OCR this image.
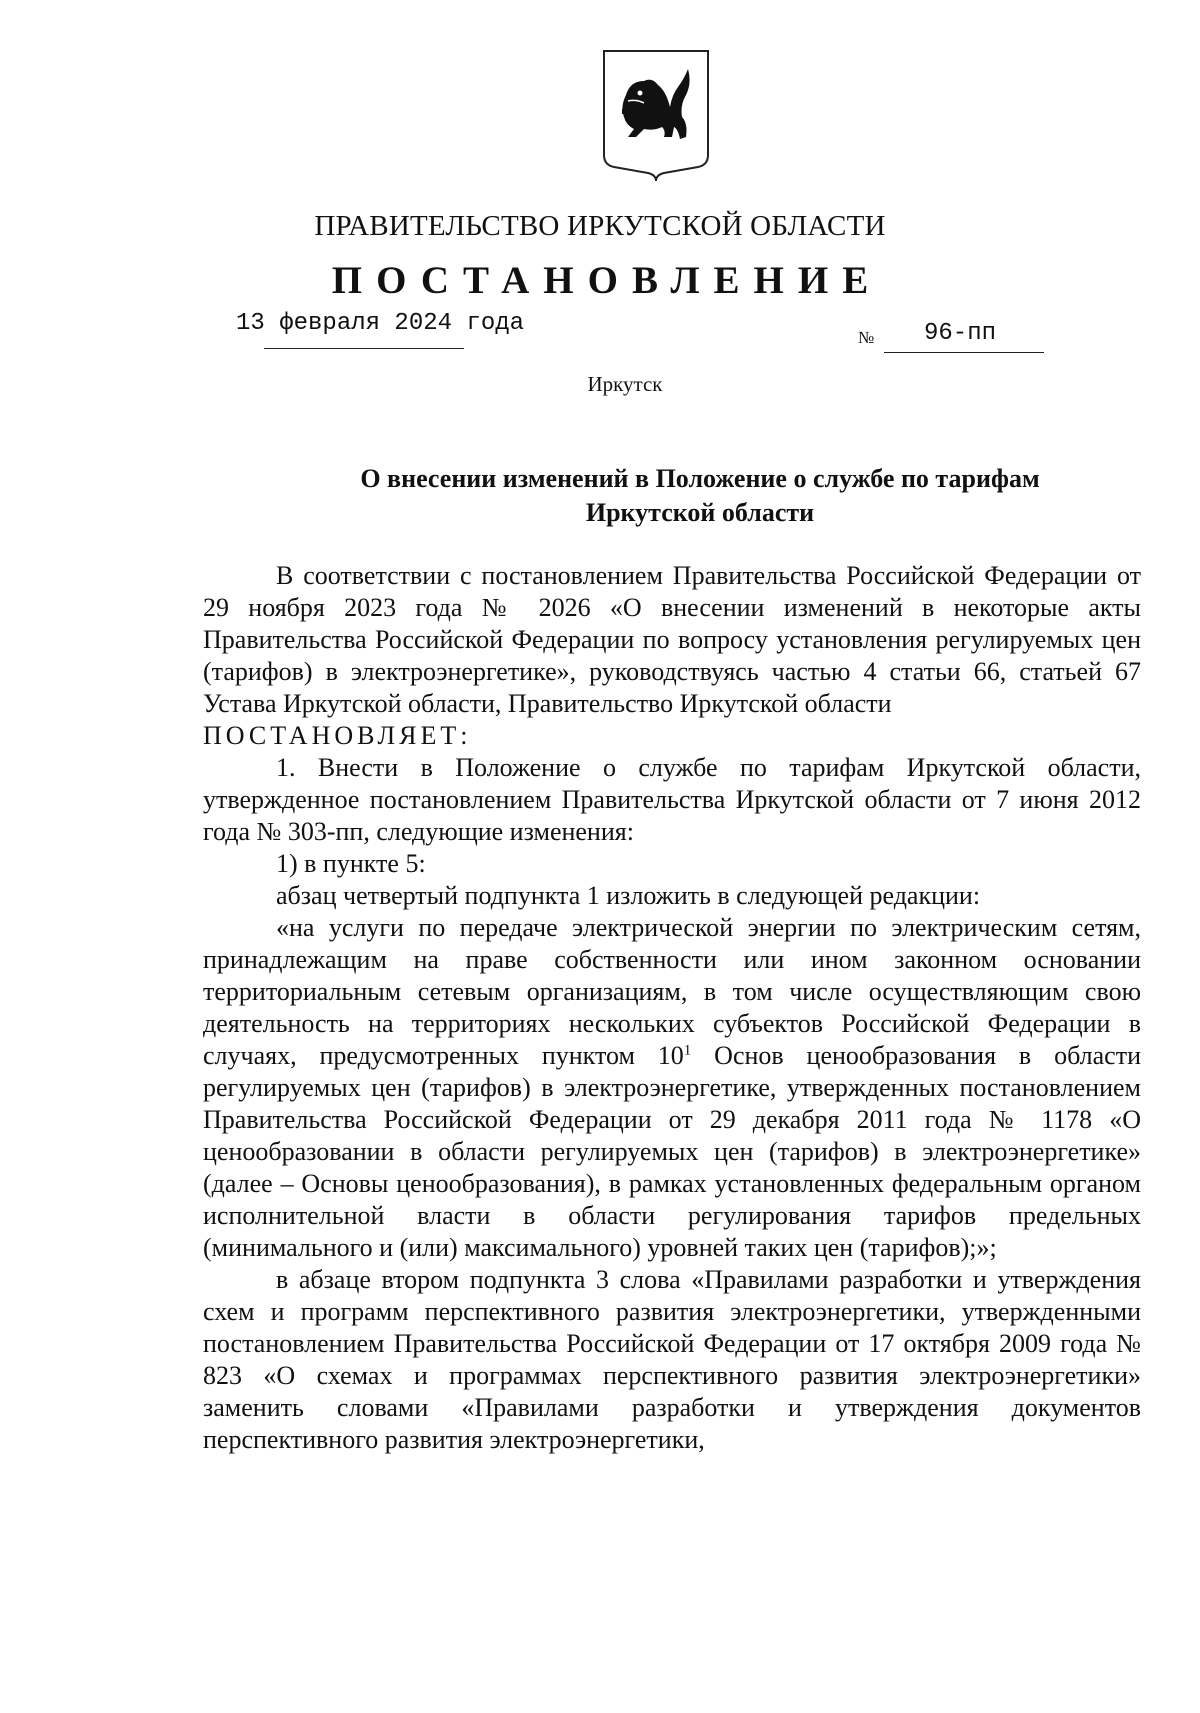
ПРАВИТЕЛЬСТВО ИРКУТСКОЙ ОБЛАСТИ
ПОСТАНОВЛЕНИЕ
13 февраля 2024 года
№ 96-пп
Иркутск
О внесении изменений в Положение о службе по тарифам
Иркутской области

В соответствии с постановлением Правительства Российской Федерации от 29 ноября 2023 года № 2026 «О внесении изменений в некоторые акты Правительства Российской Федерации по вопросу установления регулируемых цен (тарифов) в электроэнергетике», руководствуясь частью 4 статьи 66, статьей 67 Устава Иркутской области, Правительство Иркутской области

ПОСТАНОВЛЯЕТ:

1. Внести в Положение о службе по тарифам Иркутской области, утвержденное постановлением Правительства Иркутской области от 7 июня 2012 года № 303-пп, следующие изменения:

1) в пункте 5:

абзац четвертый подпункта 1 изложить в следующей редакции:

«на услуги по передаче электрической энергии по электрическим сетям, принадлежащим на праве собственности или ином законном основании территориальным сетевым организациям, в том числе осуществляющим свою деятельность на территориях нескольких субъектов Российской Федерации в случаях, предусмотренных пунктом $10^1$ Основ ценообразования в области регулируемых цен (тарифов) в электроэнергетике, утвержденных постановлением Правительства Российской Федерации от 29 декабря 2011 года № 1178 «О ценообразовании в области регулируемых цен (тарифов) в электроэнергетике» (далее – Основы ценообразования), в рамках установленных федеральным органом исполнительной власти в области регулирования тарифов предельных (минимального и (или) максимального) уровней таких цен (тарифов);»;

в абзаце втором подпункта 3 слова «Правилами разработки и утверждения схем и программ перспективного развития электроэнергетики, утвержденными постановлением Правительства Российской Федерации от 17 октября 2009 года № 823 «О схемах и программах перспективного развития электроэнергетики» заменить словами «Правилами разработки и утверждения документов перспективного развития электроэнергетики,
